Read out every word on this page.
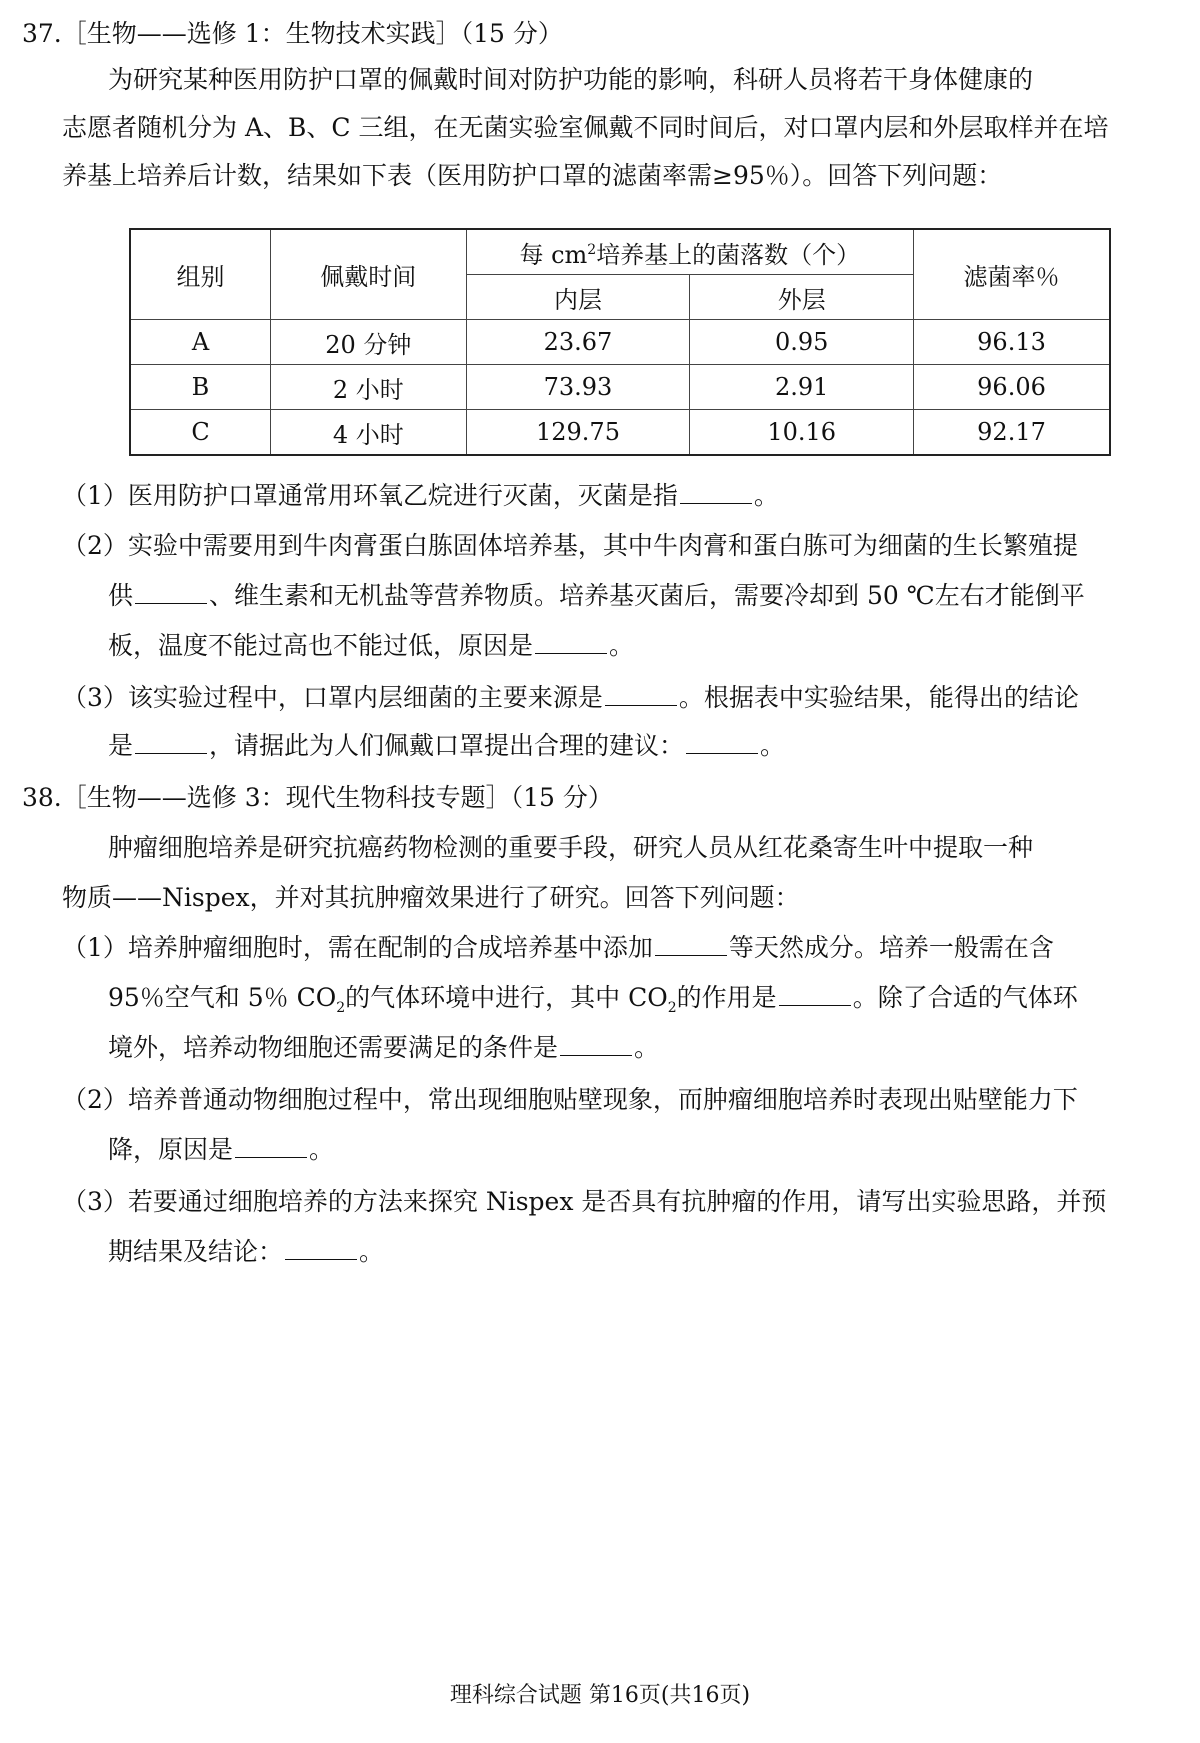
37.［生物——选修 1：生物技术实践］（15 分）
为研究某种医用防护口罩的佩戴时间对防护功能的影响，科研人员将若干身体健康的
志愿者随机分为 A、B、C 三组，在无菌实验室佩戴不同时间后，对口罩内层和外层取样并在培
养基上培养后计数，结果如下表（医用防护口罩的滤菌率需≥95％）。回答下列问题：
组别	佩戴时间	每 $cm^2$培养基上的菌落数（个）		滤菌率％
		内层	外层	
A	20 分钟	23.67	0.95	96.13
B	2 小时	73.93	2.91	96.06
C	4 小时	129.75	10.16	92.17
（1）医用防护口罩通常用环氧乙烷进行灭菌，灭菌是指	。
（2）实验中需要用到牛肉膏蛋白胨固体培养基，其中牛肉膏和蛋白胨可为细菌的生长繁殖提
供	、维生素和无机盐等营养物质。培养基灭菌后，需要冷却到 50 ℃左右才能倒平
板，温度不能过高也不能过低，原因是	。
（3）该实验过程中，口罩内层细菌的主要来源是	。根据表中实验结果，能得出的结论
是	，请据此为人们佩戴口罩提出合理的建议：	。
38.［生物——选修 3：现代生物科技专题］（15 分）
肿瘤细胞培养是研究抗癌药物检测的重要手段，研究人员从红花桑寄生叶中提取一种
物质——Nispex，并对其抗肿瘤效果进行了研究。回答下列问题：
（1）培养肿瘤细胞时，需在配制的合成培养基中添加	等天然成分。培养一般需在含
95％空气和 5％ $CO_2$的气体环境中进行，其中 $CO_2$的作用是	。除了合适的气体环
境外，培养动物细胞还需要满足的条件是	。
（2）培养普通动物细胞过程中，常出现细胞贴壁现象，而肿瘤细胞培养时表现出贴壁能力下
降，原因是	。
（3）若要通过细胞培养的方法来探究 Nispex 是否具有抗肿瘤的作用，请写出实验思路，并预
期结果及结论：	。
理科综合试题 第16页(共16页)
